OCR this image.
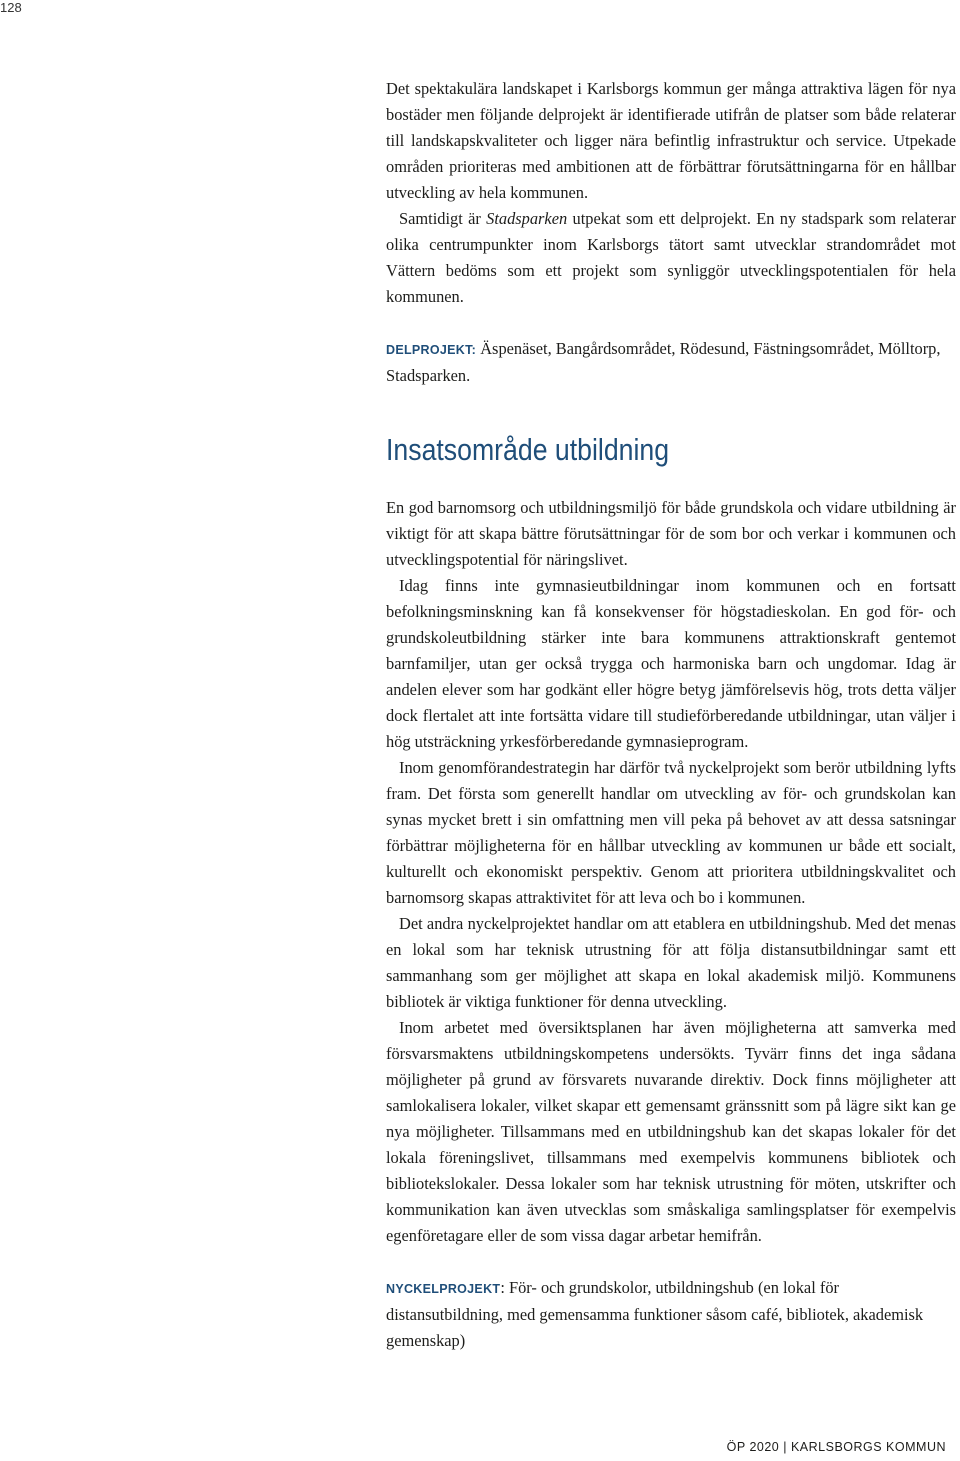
128

Det spektakulära landskapet i Karlsborgs kommun ger många attraktiva lägen för nya bostäder men följande delprojekt är identifierade utifrån de platser som både relaterar till landskapskvaliteter och ligger nära befintlig infrastruktur och service. Utpekade områden prioriteras med ambitionen att de förbättrar förutsättningarna för en hållbar utveckling av hela kommunen.

Samtidigt är Stadsparken utpekat som ett delprojekt. En ny stadspark som relaterar olika centrumpunkter inom Karlsborgs tätort samt utvecklar strandområdet mot Vättern bedöms som ett projekt som synliggör utvecklingspotentialen för hela kommunen.

DELPROJEKT: Äspenäset, Bangårdsområdet, Rödesund, Fästningsområdet, Mölltorp, Stadsparken.

Insatsområde utbildning

En god barnomsorg och utbildningsmiljö för både grundskola och vidare utbildning är viktigt för att skapa bättre förutsättningar för de som bor och verkar i kommunen och utvecklingspotential för näringslivet.

Idag finns inte gymnasieutbildningar inom kommunen och en fortsatt befolkningsminskning kan få konsekvenser för högstadieskolan. En god för- och grundskoleutbildning stärker inte bara kommunens attraktionskraft gentemot barnfamiljer, utan ger också trygga och harmoniska barn och ungdomar. Idag är andelen elever som har godkänt eller högre betyg jämförelsevis hög, trots detta väljer dock flertalet att inte fortsätta vidare till studieförberedande utbildningar, utan väljer i hög utsträckning yrkesförberedande gymnasieprogram.

Inom genomförandestrategin har därför två nyckelprojekt som berör utbildning lyfts fram. Det första som generellt handlar om utveckling av för- och grundskolan kan synas mycket brett i sin omfattning men vill peka på behovet av att dessa satsningar förbättrar möjligheterna för en hållbar utveckling av kommunen ur både ett socialt, kulturellt och ekonomiskt perspektiv. Genom att prioritera utbildningskvalitet och barnomsorg skapas attraktivitet för att leva och bo i kommunen.

Det andra nyckelprojektet handlar om att etablera en utbildningshub. Med det menas en lokal som har teknisk utrustning för att följa distansutbildningar samt ett sammanhang som ger möjlighet att skapa en lokal akademisk miljö. Kommunens bibliotek är viktiga funktioner för denna utveckling.

Inom arbetet med översiktsplanen har även möjligheterna att samverka med försvarsmaktens utbildningskompetens undersökts. Tyvärr finns det inga sådana möjligheter på grund av försvarets nuvarande direktiv. Dock finns möjligheter att samlokalisera lokaler, vilket skapar ett gemensamt gränssnitt som på lägre sikt kan ge nya möjligheter. Tillsammans med en utbildningshub kan det skapas lokaler för det lokala föreningslivet, tillsammans med exempelvis kommunens bibliotek och bibliotekslokaler. Dessa lokaler som har teknisk utrustning för möten, utskrifter och kommunikation kan även utvecklas som småskaliga samlingsplatser för exempelvis egenföretagare eller de som vissa dagar arbetar hemifrån.

NYCKELPROJEKT: För- och grundskolor, utbildningshub (en lokal för distansutbildning, med gemensamma funktioner såsom café, bibliotek, akademisk gemenskap)

ÖP 2020 | KARLSBORGS KOMMUN
